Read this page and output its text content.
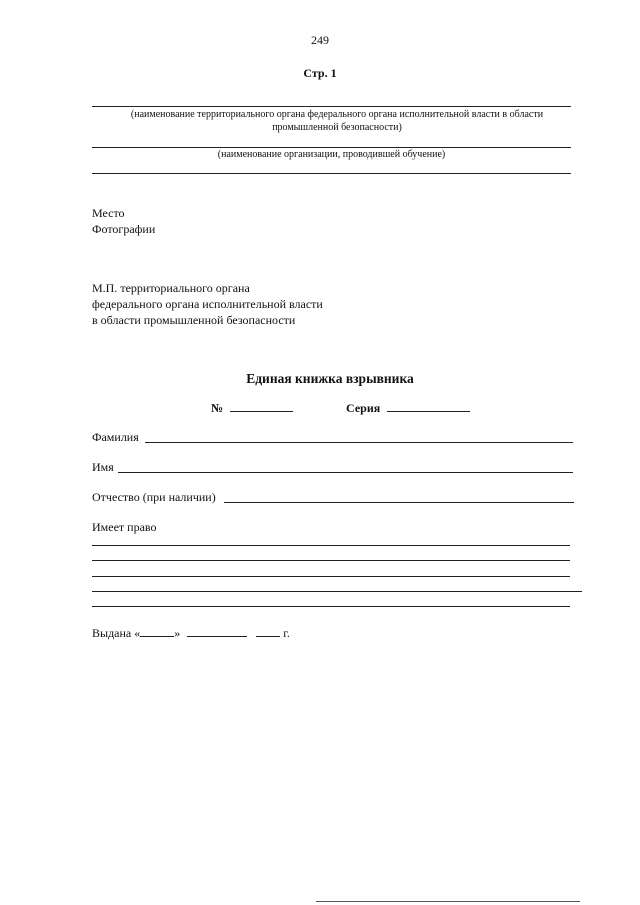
249
Стр. 1
(наименование территориального органа федерального органа исполнительной власти в области промышленной безопасности)
(наименование организации, проводившей обучение)
Место
Фотографии
М.П. территориального органа
федерального органа исполнительной власти
в области промышленной безопасности
Единая книжка взрывника
№	Серия
Фамилия
Имя
Отчество (при наличии)
Имеет право
Выдана «	»	г.
